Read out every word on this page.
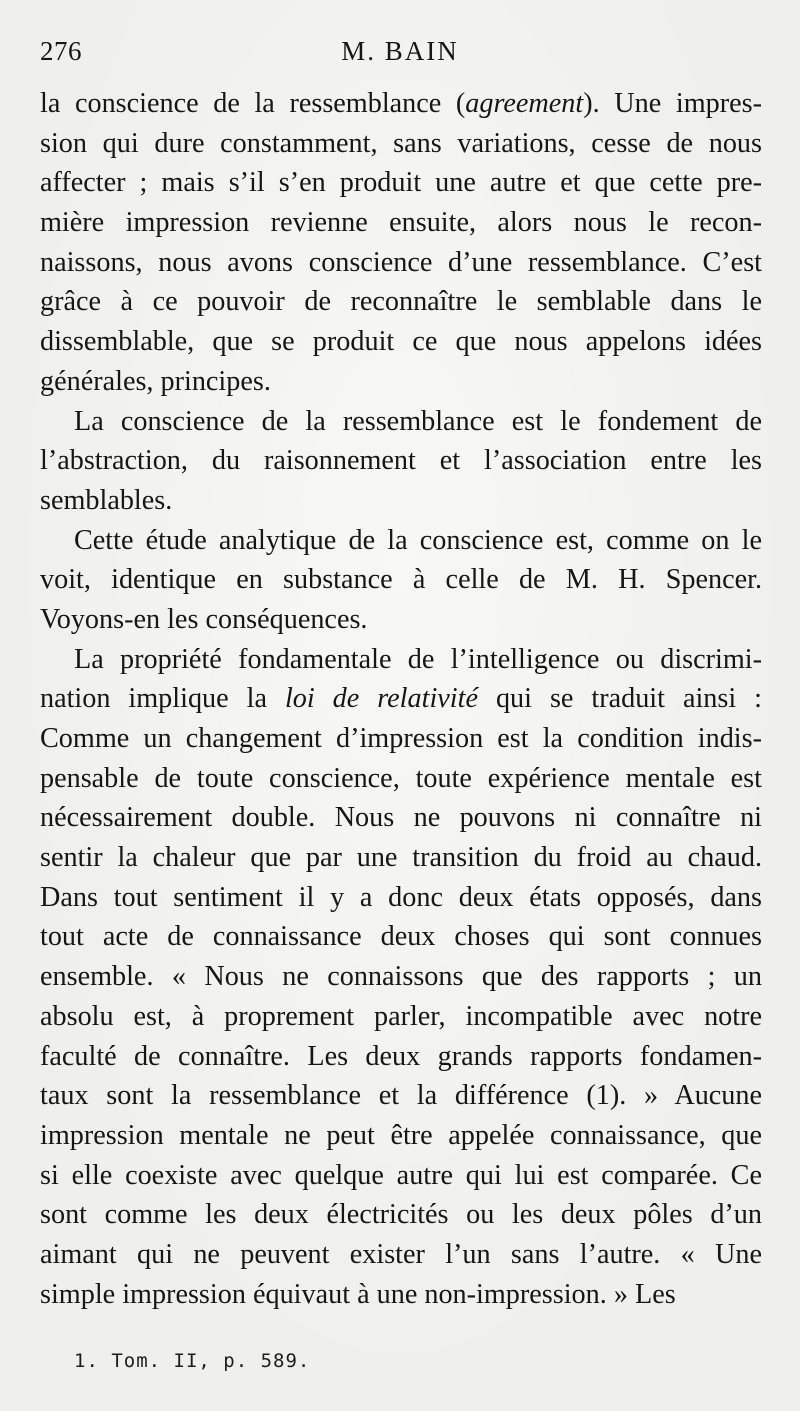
276	M. BAIN
la conscience de la ressemblance (agreement). Une impres-
sion qui dure constamment, sans variations, cesse de nous
affecter ; mais s’il s’en produit une autre et que cette pre-
mière impression revienne ensuite, alors nous le recon-
naissons, nous avons conscience d’une ressemblance. C’est
grâce à ce pouvoir de reconnaître le semblable dans le
dissemblable, que se produit ce que nous appelons idées
générales, principes.
La conscience de la ressemblance est le fondement de
l’abstraction, du raisonnement et l’association entre les
semblables.
Cette étude analytique de la conscience est, comme on le
voit, identique en substance à celle de M. H. Spencer.
Voyons-en les conséquences.
La propriété fondamentale de l’intelligence ou discrimi-
nation implique la loi de relativité qui se traduit ainsi :
Comme un changement d’impression est la condition indis-
pensable de toute conscience, toute expérience mentale est
nécessairement double. Nous ne pouvons ni connaître ni
sentir la chaleur que par une transition du froid au chaud.
Dans tout sentiment il y a donc deux états opposés, dans
tout acte de connaissance deux choses qui sont connues
ensemble. « Nous ne connaissons que des rapports ; un
absolu est, à proprement parler, incompatible avec notre
faculté de connaître. Les deux grands rapports fondamen-
taux sont la ressemblance et la différence (1). » Aucune
impression mentale ne peut être appelée connaissance, que
si elle coexiste avec quelque autre qui lui est comparée. Ce
sont comme les deux électricités ou les deux pôles d’un
aimant qui ne peuvent exister l’un sans l’autre. « Une
simple impression équivaut à une non-impression. » Les
1. Tom. II, p. 589.
